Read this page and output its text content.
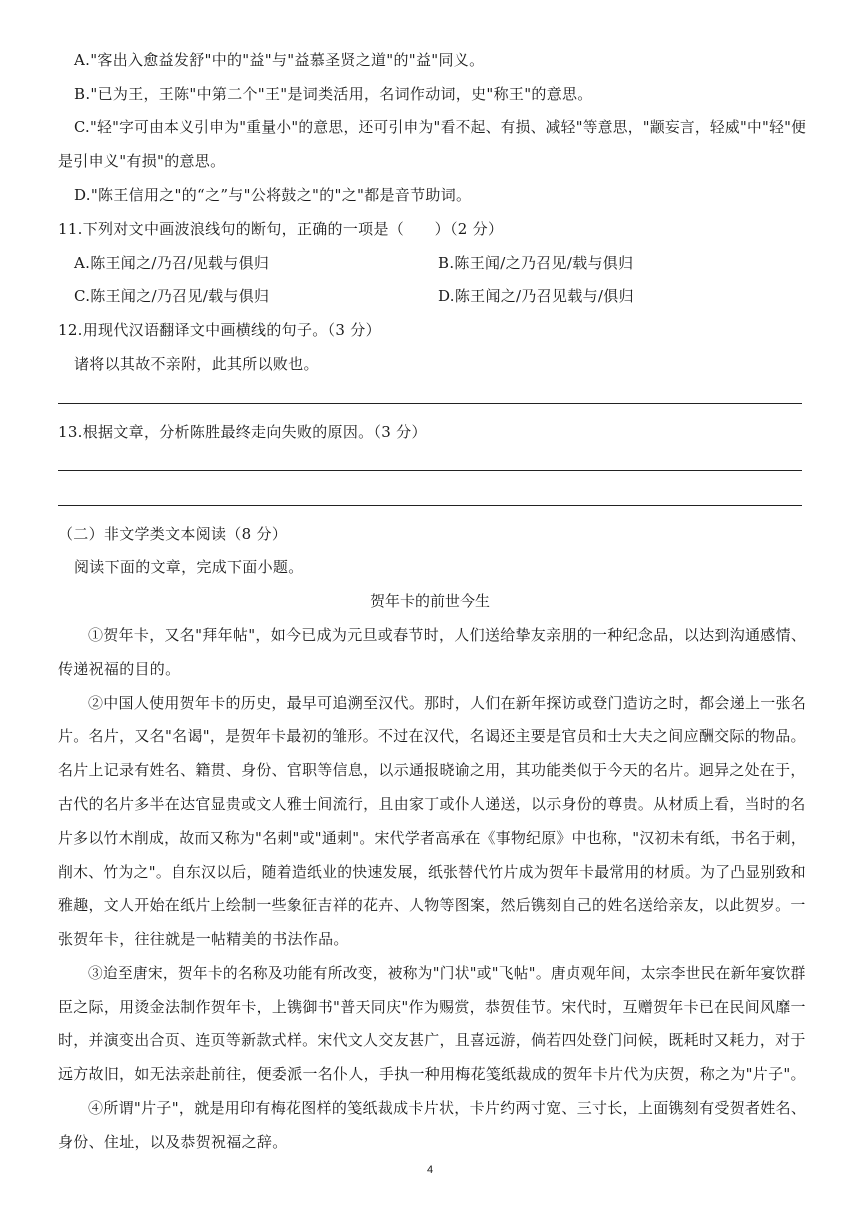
A."客出入愈益发舒"中的"益"与"益慕圣贤之道"的"益"同义。
B."已为王，王陈"中第二个"王"是词类活用，名词作动词，史"称王"的意思。
C."轻"字可由本义引申为"重量小"的意思，还可引申为"看不起、有损、减轻"等意思，"颛妄言，轻威"中"轻"便
是引申义"有损"的意思。
D."陈王信用之"的“之”与"公将鼓之"的"之"都是音节助词。
11.下列对文中画波浪线句的断句，正确的一项是（　　）（2 分）
A.陈王闻之/乃召/见载与俱归	B.陈王闻/之乃召见/载与俱归
C.陈王闻之/乃召见/载与俱归	D.陈王闻之/乃召见载与/俱归
12.用现代汉语翻译文中画横线的句子。（3 分）
诸将以其故不亲附，此其所以败也。
13.根据文章，分析陈胜最终走向失败的原因。（3 分）
（二）非文学类文本阅读（8 分）
阅读下面的文章，完成下面小题。
贺年卡的前世今生
①贺年卡，又名"拜年帖"，如今已成为元旦或春节时，人们送给挚友亲朋的一种纪念品，以达到沟通感情、
传递祝福的目的。
②中国人使用贺年卡的历史，最早可追溯至汉代。那时，人们在新年探访或登门造访之时，都会递上一张名
片。名片，又名"名谒"，是贺年卡最初的雏形。不过在汉代，名谒还主要是官员和士大夫之间应酬交际的物品。
名片上记录有姓名、籍贯、身份、官职等信息，以示通报晓谕之用，其功能类似于今天的名片。迥异之处在于，
古代的名片多半在达官显贵或文人雅士间流行，且由家丁或仆人递送，以示身份的尊贵。从材质上看，当时的名
片多以竹木削成，故而又称为"名刺"或"通刺"。宋代学者高承在《事物纪原》中也称，"汉初未有纸，书名于刺，
削木、竹为之"。自东汉以后，随着造纸业的快速发展，纸张替代竹片成为贺年卡最常用的材质。为了凸显别致和
雅趣，文人开始在纸片上绘制一些象征吉祥的花卉、人物等图案，然后镌刻自己的姓名送给亲友，以此贺岁。一
张贺年卡，往往就是一帖精美的书法作品。
③迨至唐宋，贺年卡的名称及功能有所改变，被称为"门状"或"飞帖"。唐贞观年间，太宗李世民在新年宴饮群
臣之际，用烫金法制作贺年卡，上镌御书"普天同庆"作为赐赏，恭贺佳节。宋代时，互赠贺年卡已在民间风靡一
时，并演变出合页、连页等新款式样。宋代文人交友甚广，且喜远游，倘若四处登门问候，既耗时又耗力，对于
远方故旧，如无法亲赴前往，便委派一名仆人，手执一种用梅花笺纸裁成的贺年卡片代为庆贺，称之为"片子"。
④所谓"片子"，就是用印有梅花图样的笺纸裁成卡片状，卡片约两寸宽、三寸长，上面镌刻有受贺者姓名、
身份、住址，以及恭贺祝福之辞。
4
